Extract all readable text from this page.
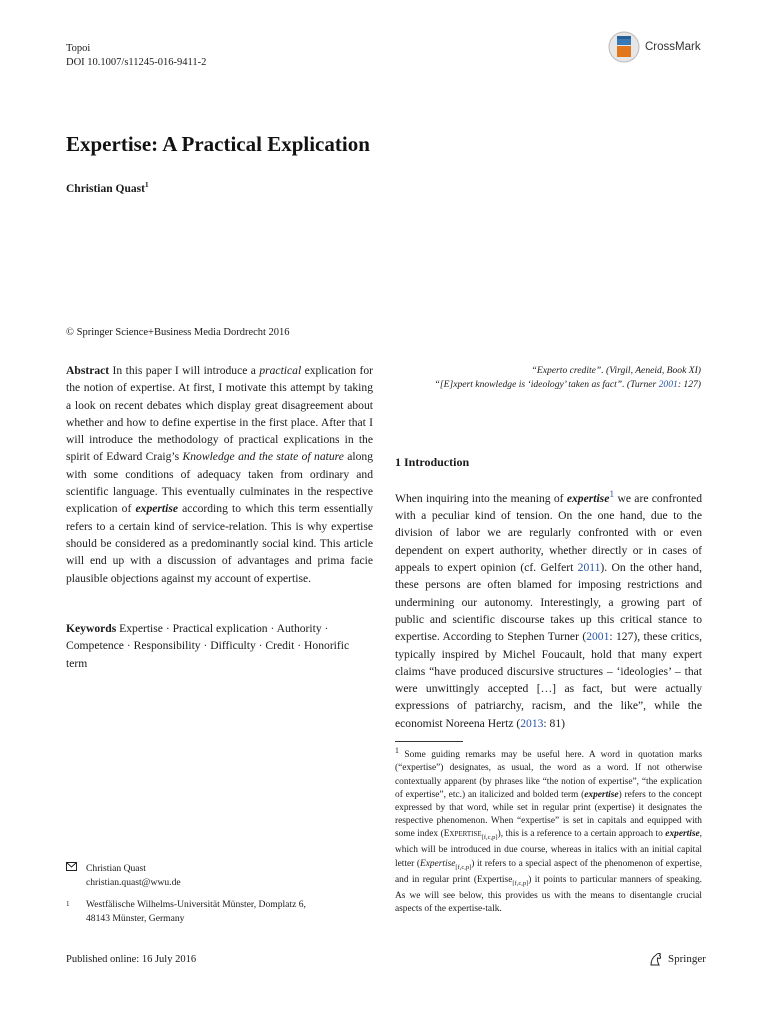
Topoi
DOI 10.1007/s11245-016-9411-2
CrossMark
Expertise: A Practical Explication
Christian Quast$^1$
© Springer Science+Business Media Dordrecht 2016
Abstract In this paper I will introduce a practical explication for the notion of expertise. At first, I motivate this attempt by taking a look on recent debates which display great disagreement about whether and how to define expertise in the first place. After that I will introduce the methodology of practical explications in the spirit of Edward Craig’s Knowledge and the state of nature along with some conditions of adequacy taken from ordinary and scientific language. This eventually culminates in the respective explication of expertise according to which this term essentially refers to a certain kind of service-relation. This is why expertise should be considered as a predominantly social kind. This article will end up with a discussion of advantages and prima facie plausible objections against my account of expertise.
Keywords Expertise · Practical explication · Authority · Competence · Responsibility · Difficulty · Credit · Honorific term
“Experto credite”. (Virgil, Aeneid, Book XI)
“[E]xpert knowledge is ‘ideology’ taken as fact”. (Turner 2001: 127)
1 Introduction
When inquiring into the meaning of expertise$^1$ we are confronted with a peculiar kind of tension. On the one hand, due to the division of labor we are regularly confronted with or even dependent on expert authority, whether directly or in cases of appeals to expert opinion (cf. Gelfert 2011). On the other hand, these persons are often blamed for imposing restrictions and undermining our autonomy. Interestingly, a growing part of public and scientific discourse takes up this critical stance to expertise. According to Stephen Turner (2001: 127), these critics, typically inspired by Michel Foucault, hold that many expert claims “have produced discursive structures – ‘ideologies’ – that were unwittingly accepted […] as fact, but were actually expressions of patriarchy, racism, and the like”, while the economist Noreena Hertz (2013: 81)
$^1$ Some guiding remarks may be useful here. A word in quotation marks (“expertise”) designates, as usual, the word as a word. If not otherwise contextually apparent (by phrases like “the notion of expertise”, “the explication of expertise”, etc.) an italicized and bolded term (expertise) refers to the concept expressed by that word, while set in regular print (expertise) it designates the respective phenomenon. When “expertise” is set in capitals and equipped with some index (Expertise$_{[f,c,p]}$), this is a reference to a certain approach to expertise, which will be introduced in due course, whereas in italics with an initial capital letter (Expertise$_{[f,c,p]}$) it refers to a special aspect of the phenomenon of expertise, and in regular print (Expertise$_{[f,c,p]}$) it points to particular manners of speaking. As we will see below, this provides us with the means to disentangle crucial aspects of the expertise-talk.
Christian Quast
christian.quast@wwu.de
1	Westfälische Wilhelms-Universität Münster, Domplatz 6,
48143 Münster, Germany
Published online: 16 July 2016	Springer
